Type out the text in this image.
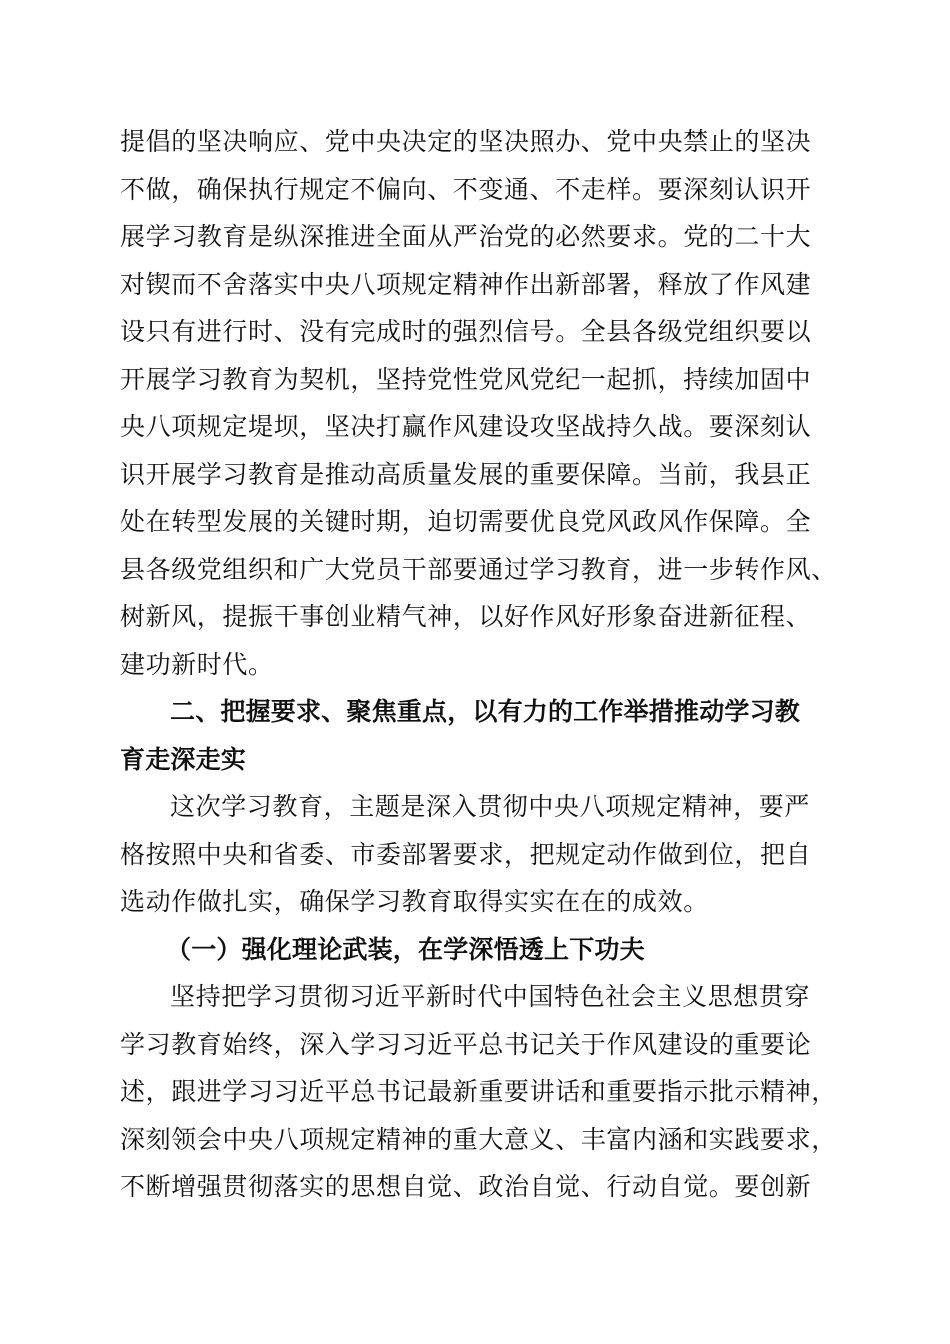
提倡的坚决响应、党中央决定的坚决照办、党中央禁止的坚决
不做，确保执行规定不偏向、不变通、不走样。要深刻认识开
展学习教育是纵深推进全面从严治党的必然要求。党的二十大
对锲而不舍落实中央八项规定精神作出新部署，释放了作风建
设只有进行时、没有完成时的强烈信号。全县各级党组织要以
开展学习教育为契机，坚持党性党风党纪一起抓，持续加固中
央八项规定堤坝，坚决打赢作风建设攻坚战持久战。要深刻认
识开展学习教育是推动高质量发展的重要保障。当前，我县正
处在转型发展的关键时期，迫切需要优良党风政风作保障。全
县各级党组织和广大党员干部要通过学习教育，进一步转作风、
树新风，提振干事创业精气神，以好作风好形象奋进新征程、
建功新时代。
二、把握要求、聚焦重点，以有力的工作举措推动学习教
育走深走实
这次学习教育，主题是深入贯彻中央八项规定精神，要严
格按照中央和省委、市委部署要求，把规定动作做到位，把自
选动作做扎实，确保学习教育取得实实在在的成效。
（一）强化理论武装，在学深悟透上下功夫
坚持把学习贯彻习近平新时代中国特色社会主义思想贯穿
学习教育始终，深入学习习近平总书记关于作风建设的重要论
述，跟进学习习近平总书记最新重要讲话和重要指示批示精神，
深刻领会中央八项规定精神的重大意义、丰富内涵和实践要求，
不断增强贯彻落实的思想自觉、政治自觉、行动自觉。要创新
